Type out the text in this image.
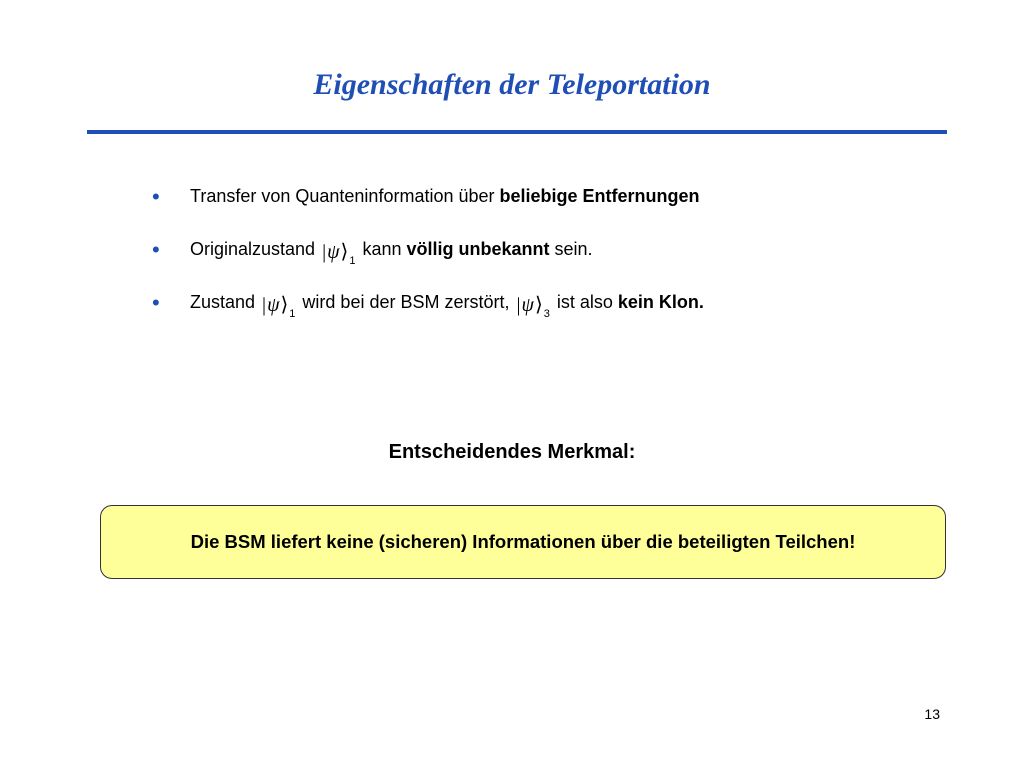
Eigenschaften der Teleportation
• Transfer von Quanteninformation über beliebige Entfernungen
• Originalzustand $|\psi⟩_1$ kann völlig unbekannt sein.
• Zustand $|\psi⟩_1$ wird bei der BSM zerstört, $|\psi⟩_3$ ist also kein Klon.
Entscheidendes Merkmal:
Die BSM liefert keine (sicheren) Informationen über die beteiligten Teilchen!
13
